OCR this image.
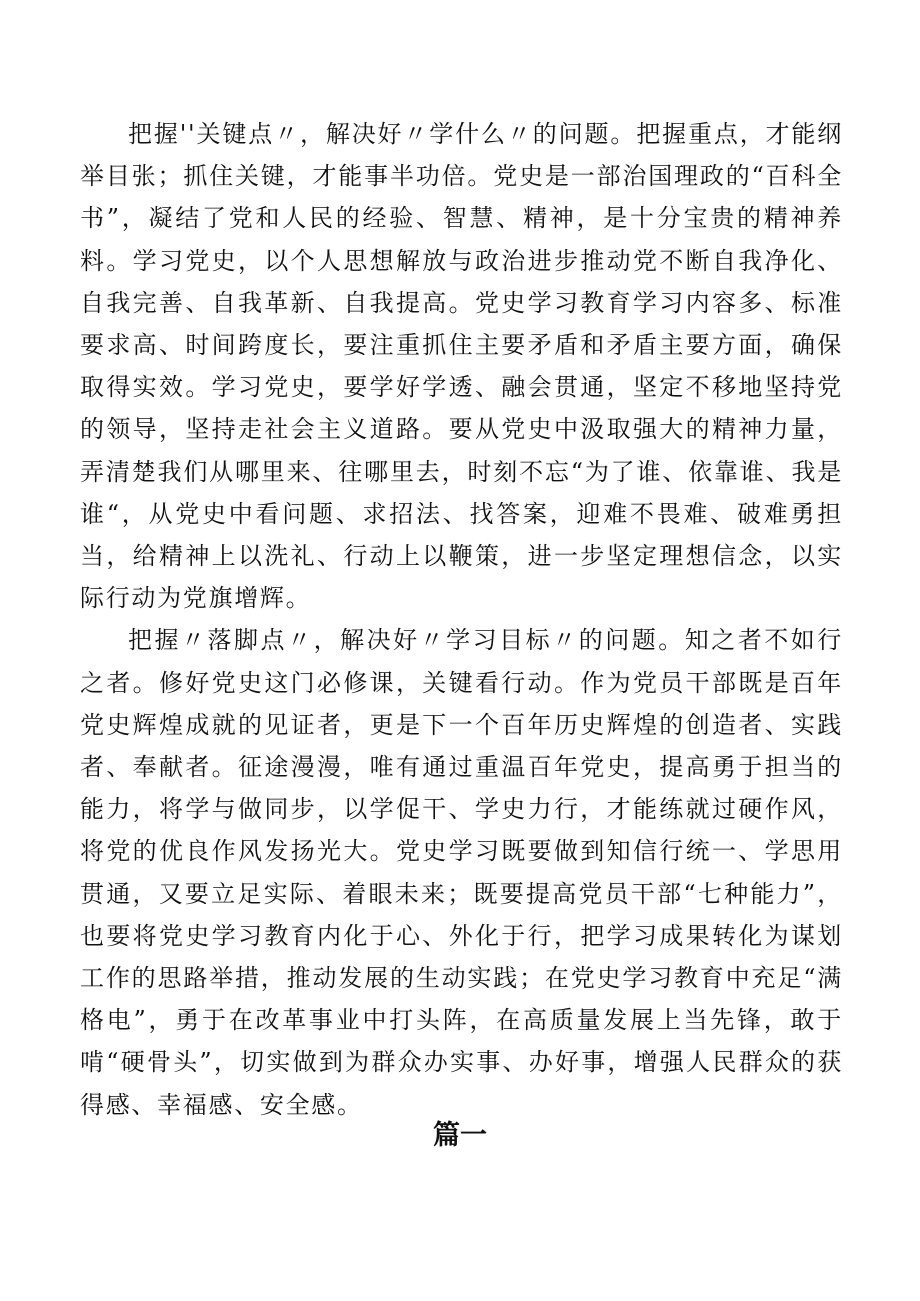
把握''关键点〃，解决好〃学什么〃的问题。把握重点，才能纲举目张；抓住关键，才能事半功倍。党史是一部治国理政的“百科全书”，凝结了党和人民的经验、智慧、精神，是十分宝贵的精神养料。学习党史，以个人思想解放与政治进步推动党不断自我净化、自我完善、自我革新、自我提高。党史学习教育学习内容多、标准要求高、时间跨度长，要注重抓住主要矛盾和矛盾主要方面，确保取得实效。学习党史，要学好学透、融会贯通，坚定不移地坚持党的领导，坚持走社会主义道路。要从党史中汲取强大的精神力量，弄清楚我们从哪里来、往哪里去，时刻不忘“为了谁、依靠谁、我是谁“，从党史中看问题、求招法、找答案，迎难不畏难、破难勇担当，给精神上以洗礼、行动上以鞭策，进一步坚定理想信念，以实际行动为党旗增辉。

把握〃落脚点〃，解决好〃学习目标〃的问题。知之者不如行之者。修好党史这门必修课，关键看行动。作为党员干部既是百年党史辉煌成就的见证者，更是下一个百年历史辉煌的创造者、实践者、奉献者。征途漫漫，唯有通过重温百年党史，提高勇于担当的能力，将学与做同步，以学促干、学史力行，才能练就过硬作风，将党的优良作风发扬光大。党史学习既要做到知信行统一、学思用贯通，又要立足实际、着眼未来；既要提高党员干部“七种能力”，也要将党史学习教育内化于心、外化于行，把学习成果转化为谋划工作的思路举措，推动发展的生动实践；在党史学习教育中充足“满格电”，勇于在改革事业中打头阵，在高质量发展上当先锋，敢于啃“硬骨头”，切实做到为群众办实事、办好事，增强人民群众的获得感、幸福感、安全感。

篇一
